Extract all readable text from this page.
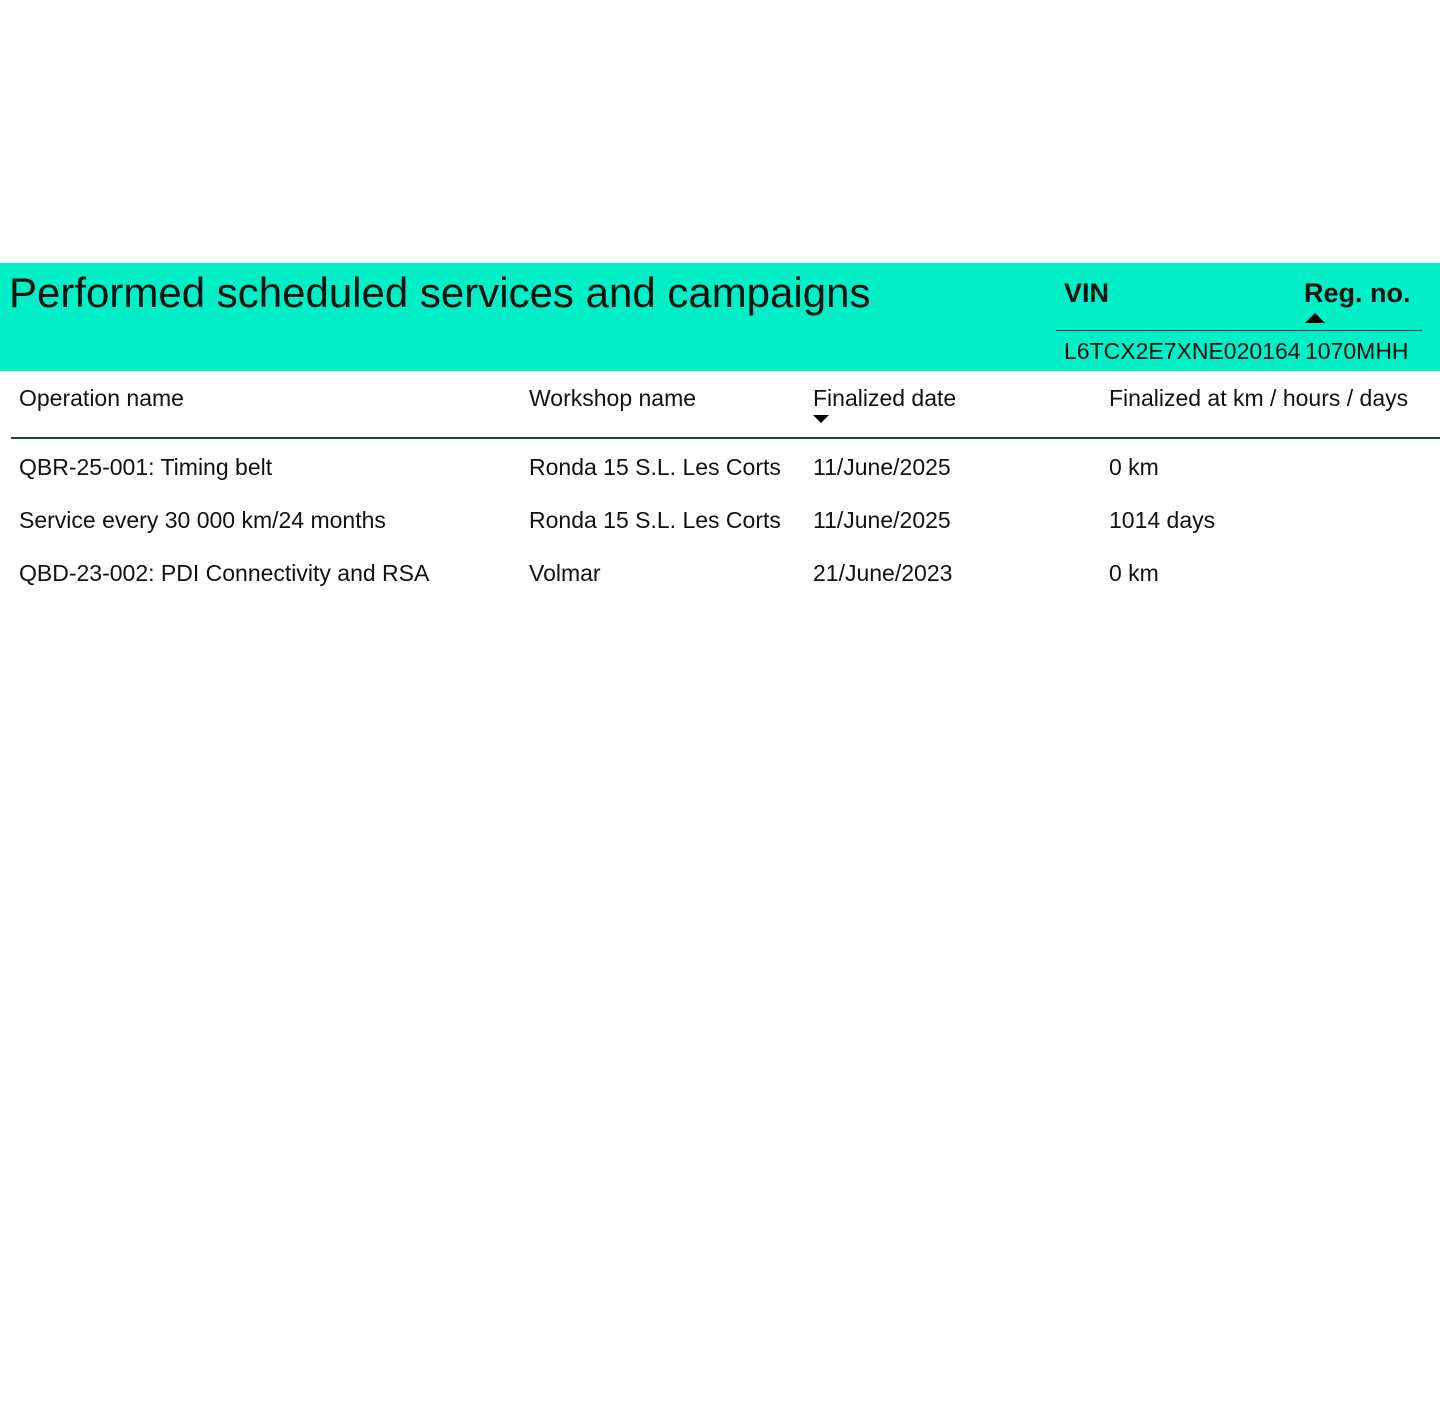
Performed scheduled services and campaigns	VIN	Reg. no.
L6TCX2E7XNE020164 1070MHH
Operation name	Workshop name	Finalized date	Finalized at km / hours / days
QBR-25-001: Timing belt	Ronda 15 S.L. Les Corts 11/June/2025	0 km
Service every 30 000 km/24 months	Ronda 15 S.L. Les Corts 11/June/2025	1014 days
QBD-23-002: PDI Connectivity and RSA	Volmar	21/June/2023	0 km
